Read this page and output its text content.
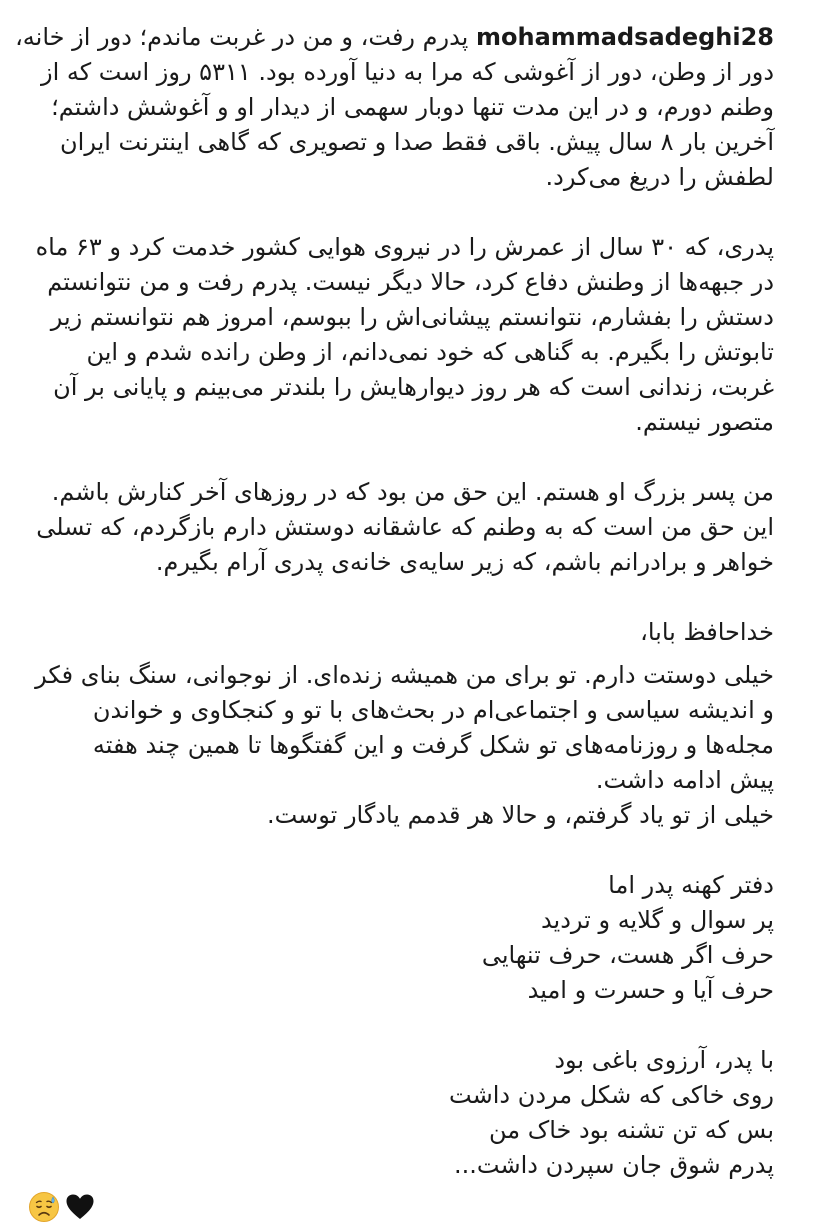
mohammadsadeghi28 پدرم رفت، و من در غربت ماندم؛ دور از خانه،
دور از وطن، دور از آغوشی که مرا به دنیا آورده بود. ۵۳۱۱ روز است که از
وطنم دورم، و در این مدت تنها دوبار سهمی از دیدار او و آغوشش داشتم؛
آخرین بار ۸ سال پیش. باقی فقط صدا و تصویری که گاهی اینترنت ایران
لطفش را دریغ می‌کرد.
پدری، که ۳۰ سال از عمرش را در نیروی هوایی کشور خدمت کرد و ۶۳ ماه
در جبهه‌ها از وطنش دفاع کرد، حالا دیگر نیست. پدرم رفت و من نتوانستم
دستش را بفشارم، نتوانستم پیشانی‌اش را ببوسم، امروز هم نتوانستم زیر
تابوتش را بگیرم. به گناهی که خود نمی‌دانم، از وطن رانده شدم و این
غربت، زندانی است که هر روز دیوارهایش را بلندتر می‌بینم و پایانی بر آن
متصور نیستم.
من پسر بزرگ او هستم. این حق من بود که در روزهای آخر کنارش باشم.
این حق من است که به وطنم که عاشقانه دوستش دارم بازگردم، که تسلی
خواهر و برادرانم باشم، که زیر سایه‌ی خانه‌ی پدری آرام بگیرم.
خداحافظ بابا،
خیلی دوستت دارم. تو برای من همیشه زنده‌ای. از نوجوانی، سنگ بنای فکر
و اندیشه سیاسی و اجتماعی‌ام در بحث‌های با تو و کنجکاوی و خواندن
مجله‌ها و روزنامه‌های تو شکل گرفت و این گفتگوها تا همین چند هفته
پیش ادامه داشت.
خیلی از تو یاد گرفتم، و حالا هر قدمم یادگار توست.
دفتر کهنه پدر اما
پر سوال و گلایه و تردید
حرف اگر هست، حرف تنهایی
حرف آیا و حسرت و امید
با پدر، آرزوی باغی بود
روی خاکی که شکل مردن داشت
بس که تن تشنه بود خاک من
پدرم شوق جان سپردن داشت...
